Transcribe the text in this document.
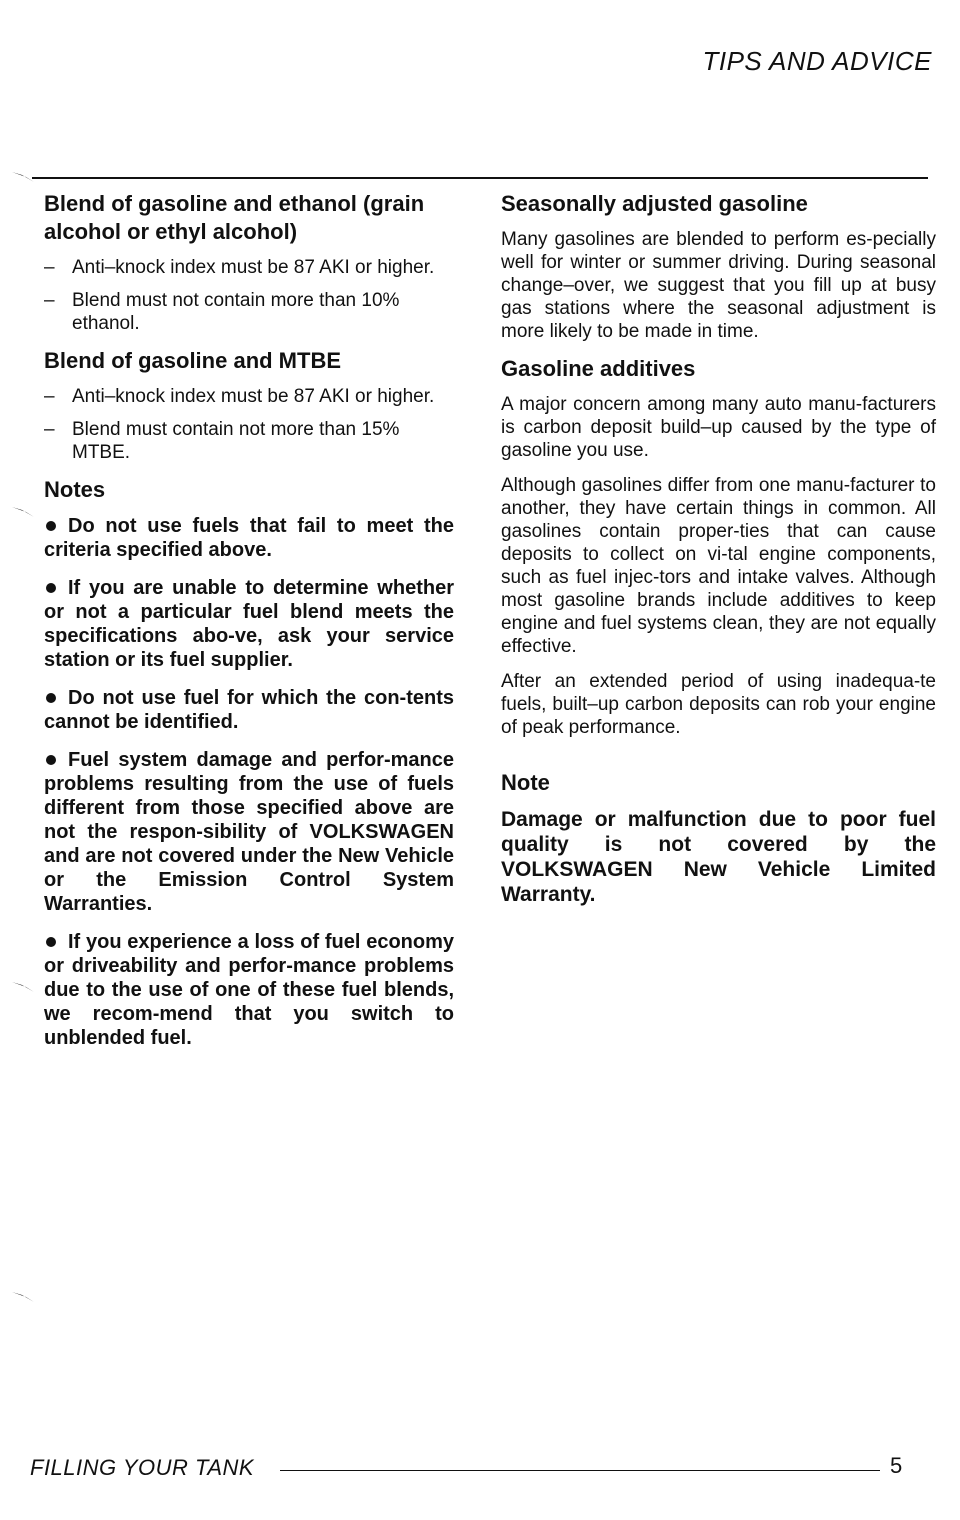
TIPS AND ADVICE
Blend of gasoline and ethanol (grain alcohol or ethyl alcohol)
– Anti–knock index must be 87 AKI or higher.
– Blend must not contain more than 10% ethanol.
Blend of gasoline and MTBE
– Anti–knock index must be 87 AKI or higher.
– Blend must contain not more than 15% MTBE.
Notes

Do not use fuels that fail to meet the criteria specified above.

If you are unable to determine whether or not a particular fuel blend meets the specifications abo-ve, ask your service station or its fuel supplier.

Do not use fuel for which the con-tents cannot be identified.

Fuel system damage and perfor-mance problems resulting from the use of fuels different from those specified above are not the respon-sibility of VOLKSWAGEN and are not covered under the New Vehicle or the Emission Control System Warranties.

If you experience a loss of fuel economy or driveability and perfor-mance problems due to the use of one of these fuel blends, we recom-mend that you switch to unblended fuel.

Seasonally adjusted gasoline

Many gasolines are blended to perform es-pecially well for winter or summer driving. During seasonal change–over, we suggest that you fill up at busy gas stations where the seasonal adjustment is more likely to be made in time.

Gasoline additives

A major concern among many auto manu-facturers is carbon deposit build–up caused by the type of gasoline you use.

Although gasolines differ from one manu-facturer to another, they have certain things in common. All gasolines contain proper-ties that can cause deposits to collect on vi-tal engine components, such as fuel injec-tors and intake valves. Although most gasoline brands include additives to keep engine and fuel systems clean, they are not equally effective.

After an extended period of using inadequa-te fuels, built–up carbon deposits can rob your engine of peak performance.

Note

Damage or malfunction due to poor fuel quality is not covered by the VOLKSWAGEN New Vehicle Limited Warranty.

FILLING YOUR TANK	5
